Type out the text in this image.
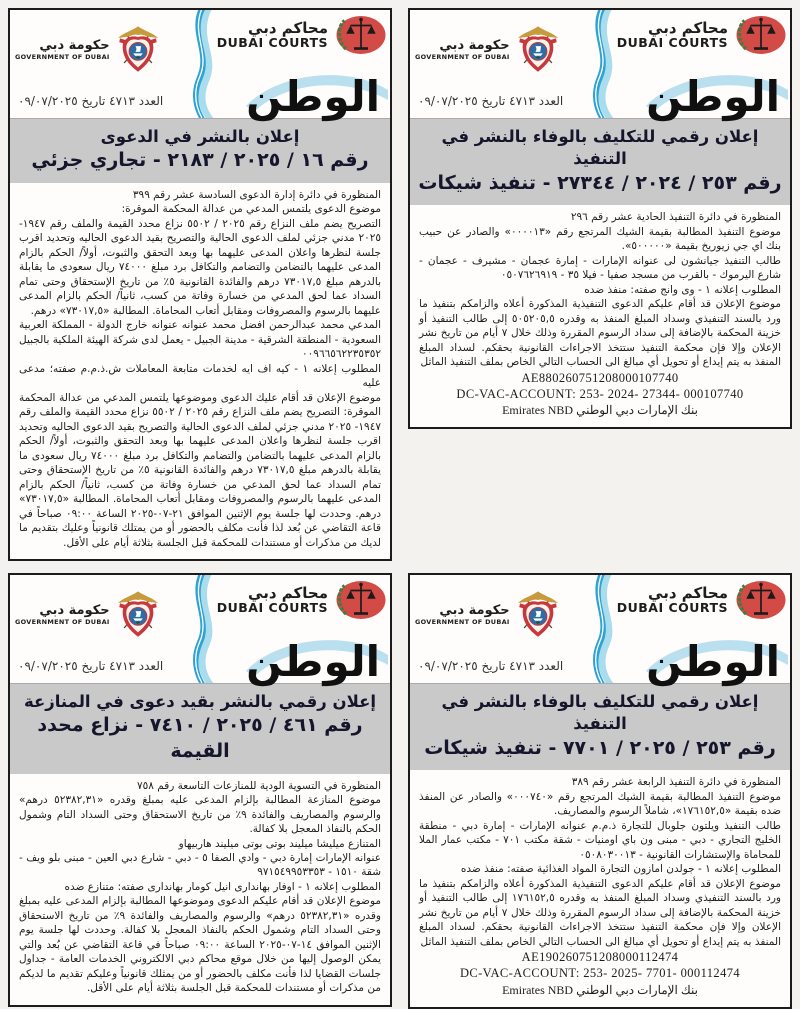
محاكم دبي
DUBAI COURTS
حكومة دبي
GOVERNMENT OF DUBAI
العدد ٤٧١٣ تاريخ ٠٩/٠٧/٢٠٢٥ الوطن
إعلان رقمي للتكليف بالوفاء بالنشر في التنفيذ
رقم ٢٥٣ / ٢٠٢٤ / ٢٧٣٤٤ - تنفيذ شيكات

المنظورة في دائرة التنفيذ الحادية عشر رقم ٢٩٦

موضوع التنفيذ المطالبة بقيمة الشيك المرتجع رقم «٠٠٠٠١٣» والصادر عن حبيب بنك اي جي زيوريخ بقيمة «٥٠٠٠٠٠».

طالب التنفيذ جيانشون لى عنوانه الإمارات - إمارة عجمان - مشيرف - عجمان - شارع اليرموك - بالقرب من مسجد صفيا - فيلا ٣٥ - ٠٥٠٧٦٢٦٩١٩

المطلوب إعلانه ١ - وى وانج صفته: منفذ ضده

موضوع الإعلان قد أقام عليكم الدعوى التنفيذية المذكورة أعلاه والزامكم بتنفيذ ما ورد بالسند التنفيذي وسداد المبلغ المنفذ به وقدره ٥٠٥٢٠٥,٥ إلى طالب التنفيذ أو خزينة المحكمة بالإضافة إلى سداد الرسوم المقررة وذلك خلال ٧ أيام من تاريخ نشر الإعلان وإلا فإن محكمة التنفيذ ستتخذ الاجراءات القانونية بحقكم. لسداد المبلغ المنفذ به يتم إيداع أو تحويل أي مبالغ الى الحساب التالي الخاص بملف التنفيذ الماثل

AE880260751208000107740

DC-VAC-ACCOUNT: 253- 2024- 27344- 000107740

بنك الإمارات دبي الوطني Emirates NBD

محاكم دبي
DUBAI COURTS
حكومة دبي
GOVERNMENT OF DUBAI
العدد ٤٧١٣ تاريخ ٠٩/٠٧/٢٠٢٥ الوطن
إعلان بالنشر في الدعوى
رقم ١٦ / ٢٠٢٥ / ٢١٨٣ - تجاري جزئي

المنظورة في دائرة إدارة الدعوى السادسة عشر رقم ٣٩٩

موضوع الدعوى يلتمس المدعي من عدالة المحكمة الموقرة:

التصريح يضم ملف النزاع رقم ٢٠٢٥ / ٥٥٠٢ نزاع محدد القيمة والملف رقم ١٩٤٧- ٢٠٢٥ مدني جزئي لملف الدعوى الحالية والتصريح بقيد الدعوى الحاليه وتحديد اقرب جلسة لنظرها واعلان المدعى عليهما بها وبعد التحقق والثبوت، أولاً/ الحكم بالزام المدعى عليهما بالتضامن والتضامم والتكافل برد مبلغ ٧٤٠٠٠ ريال سعودى ما يقابلة بالدرهم مبلغ ٧٣٠١٧,٥ درهم والفائدة القانونية ٥٪ من تاريخ الإستحقاق وحتى تمام السداد عما لحق المدعي من خسارة وفاتة من كسب، ثانياً/ الحكم بالزام المدعى عليهما بالرسوم والمصروفات ومقابل أتعاب المحاماة. المطالبة «٧٣٠١٧,٥» درهم.

المدعي محمد عبدالرحمن افضل محمد عنوانه عنوانه خارج الدولة - المملكة العربية السعودية - المنطقة الشرقية - مدينة الجبيل - يعمل لدى شركة الهيئة الملكية بالجبيل ٠٠٩٦٦٥٦٢٢٣٥٣٥٢

المطلوب إعلانه ١ - كيه اف ايه لخدمات متابعة المعاملات ش.ذ.م.م صفته؛ مدعى عليه

موضوع الإعلان قد أقام عليك الدعوى وموضوعها يلتمس المدعي من عدالة المحكمة الموقرة: التصريح يضم ملف النزاع رقم ٢٠٢٥ / ٥٥٠٢ نزاع محدد القيمة والملف رقم ١٩٤٧- ٢٠٢٥ مدني جزئي لملف الدعوى الحالية والتصريح بقيد الدعوى الحاليه وتحديد اقرب جلسة لنظرها واعلان المدعى عليهما بها وبعد التحقق والثبوت، أولاً/ الحكم بالزام المدعى عليهما بالتضامن والتضامم والتكافل برد مبلغ ٧٤٠٠٠ ريال سعودى ما يقابلة بالدرهم مبلغ ٧٣٠١٧,٥ درهم والفائدة القانونية ٥٪ من تاريخ الإستحقاق وحتى تمام السداد عما لحق المدعي من خسارة وفاتة من كسب، ثانياً/ الحكم بالزام المدعى عليهما بالرسوم والمصروفات ومقابل أتعاب المحاماة. المطالبة «٧٣٠١٧,٥» درهم. وحددت لها جلسة يوم الإثنين الموافق ٢١-٠٧-٢٠٢٥ الساعة ٠٩:٠٠ صباحاً في قاعة التقاضي عن بُعد لذا فأنت مكلف بالحضور أو من يمتلك قانونياً وعليك بتقديم ما لديك من مذكرات أو مستندات للمحكمة قبل الجلسة بثلاثة أيام على الأقل.

محاكم دبي
DUBAI COURTS
حكومة دبي
GOVERNMENT OF DUBAI
العدد ٤٧١٣ تاريخ ٠٩/٠٧/٢٠٢٥ الوطن
إعلان رقمي للتكليف بالوفاء بالنشر في التنفيذ
رقم ٢٥٣ / ٢٠٢٥ / ٧٧٠١ - تنفيذ شيكات

المنظورة في دائرة التنفيذ الرابعة عشر رقم ٣٨٩

موضوع التنفيذ المطالبة بقيمة الشيك المرتجع رقم «٠٠٠٧٤٠» والصادر عن المنفذ ضده بقيمة «١٧٦١٥٢,٥»، شاملاً الرسوم والمصاريف.

طالب التنفيذ ويلتون جلوبال للتجارة ذ.م.م عنوانه الإمارات - إمارة دبي - منطقة الخليج التجاري - دبي - مبنى ون باي اومنيات - شقة مكتب ٧٠١ - مكتب عمار الملا للمحاماة والإستشارات القانونية - ٠٥٠٨٠٣٠٠١٣

المطلوب إعلانه ١ - جولدن امازون التجارة المواد الغذائية صفته: منفذ ضده

موضوع الإعلان قد أقام عليكم الدعوى التنفيذية المذكورة أعلاه والزامكم بتنفيذ ما ورد بالسند التنفيذي وسداد المبلغ المنفذ به وقدره ١٧٦١٥٢,٥ إلى طالب التنفيذ أو خزينة المحكمة بالإضافة إلى سداد الرسوم المقررة وذلك خلال ٧ أيام من تاريخ نشر الإعلان وإلا فإن محكمة التنفيذ ستتخذ الاجراءات القانونية بحقكم. لسداد المبلغ المنفذ به يتم إيداع أو تحويل أي مبالغ الى الحساب التالي الخاص بملف التنفيذ الماثل

AE190260751208000112474

DC-VAC-ACCOUNT: 253- 2025- 7701- 000112474

بنك الإمارات دبي الوطني Emirates NBD

محاكم دبي
DUBAI COURTS
حكومة دبي
GOVERNMENT OF DUBAI
العدد ٤٧١٣ تاريخ ٠٩/٠٧/٢٠٢٥ الوطن
إعلان رقمي بالنشر بقيد دعوى في المنازعة
رقم ٤٦١ / ٢٠٢٥ / ٧٤١٠ - نزاع محدد القيمة

المنظورة في التسوية الودية للمنازعات التاسعة رقم ٧٥٨

موضوع المنازعة المطالبة بإلزام المدعى عليه بمبلغ وقدره «٥٢٣٨٢,٣١ درهم» والرسوم والمصاريف والفائدة ٩٪ من تاريخ الاستحقاق وحتى السداد التام وشمول الحكم بالنفاذ المعجل بلا كفالة.

المتنازع ميليشا ميليند بوتى بوتى ميليند هاربيهاو

عنوانه الإمارات إمارة دبي - وادي الصفا ٥ - دبي - شارع دبي العين - مبنى بلو ويف - شقة ١٥١٠ - ٩٧١٥٤٩٩٥٣٣٥٣

المطلوب إعلانه ١ - اوفار بهاندارى انيل كومار بهاندارى صفته: متنازع ضده

موضوع الإعلان قد أقام عليكم الدعوى وموضوعها المطالبة بإلزام المدعى عليه بمبلغ وقدره «٥٢٣٨٢,٣١ درهم» والرسوم والمصاريف والفائدة ٩٪ من تاريخ الاستحقاق وحتى السداد التام وشمول الحكم بالنفاذ المعجل بلا كفالة. وحددت لها جلسة يوم الإثنين الموافق ١٤-٠٧-٢٠٢٥ الساعة ٠٩:٠٠ صباحاً في قاعة التقاضي عن بُعد والتي يمكن الوصول إليها من خلال موقع محاكم دبي الالكتروني الخدمات العامة - جداول جلسات القضايا لذا فأنت مكلف بالحضور أو من يمثلك قانونياً وعليكم تقديم ما لديكم من مذكرات أو مستندات للمحكمة قبل الجلسة بثلاثة أيام على الأقل.
